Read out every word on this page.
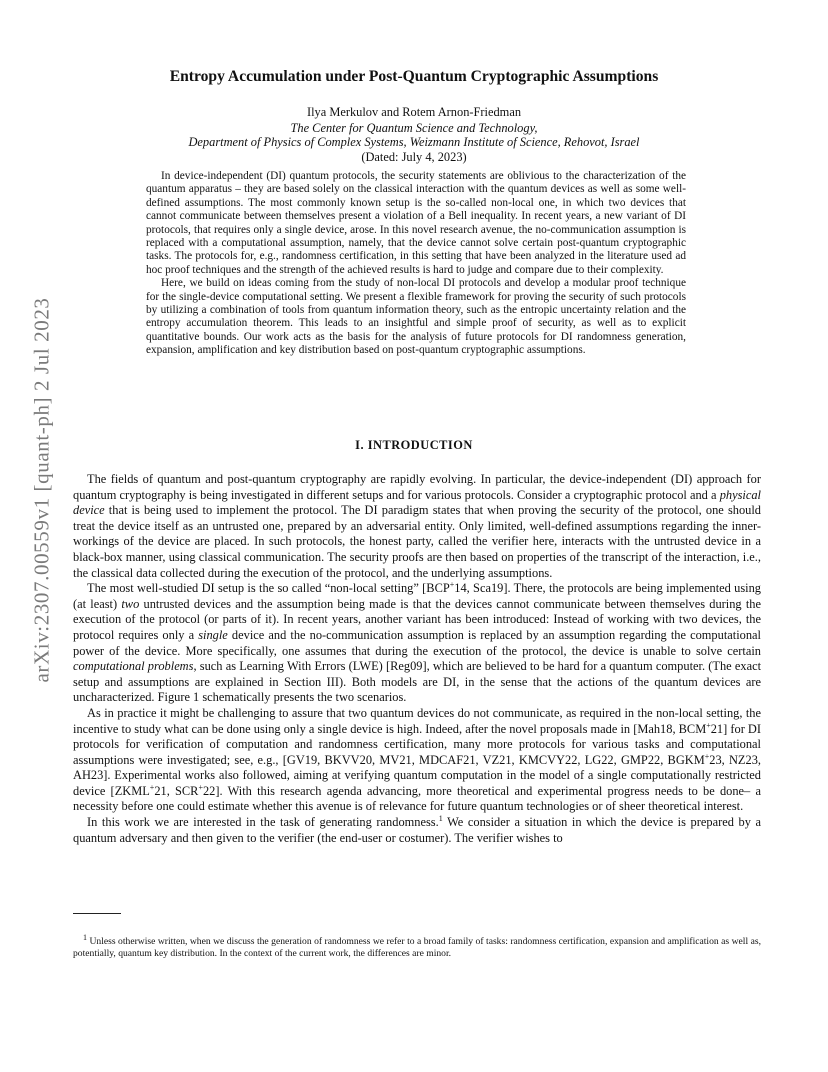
arXiv:2307.00559v1 [quant-ph] 2 Jul 2023
Entropy Accumulation under Post-Quantum Cryptographic Assumptions
Ilya Merkulov and Rotem Arnon-Friedman
The Center for Quantum Science and Technology,
Department of Physics of Complex Systems, Weizmann Institute of Science, Rehovot, Israel
(Dated: July 4, 2023)

In device-independent (DI) quantum protocols, the security statements are oblivious to the characterization of the quantum apparatus – they are based solely on the classical interaction with the quantum devices as well as some well-defined assumptions. The most commonly known setup is the so-called non-local one, in which two devices that cannot communicate between themselves present a violation of a Bell inequality. In recent years, a new variant of DI protocols, that requires only a single device, arose. In this novel research avenue, the no-communication assumption is replaced with a computational assumption, namely, that the device cannot solve certain post-quantum cryptographic tasks. The protocols for, e.g., randomness certification, in this setting that have been analyzed in the literature used ad hoc proof techniques and the strength of the achieved results is hard to judge and compare due to their complexity.

Here, we build on ideas coming from the study of non-local DI protocols and develop a modular proof technique for the single-device computational setting. We present a flexible framework for proving the security of such protocols by utilizing a combination of tools from quantum information theory, such as the entropic uncertainty relation and the entropy accumulation theorem. This leads to an insightful and simple proof of security, as well as to explicit quantitative bounds. Our work acts as the basis for the analysis of future protocols for DI randomness generation, expansion, amplification and key distribution based on post-quantum cryptographic assumptions.

I. INTRODUCTION

The fields of quantum and post-quantum cryptography are rapidly evolving. In particular, the device-independent (DI) approach for quantum cryptography is being investigated in different setups and for various protocols. Consider a cryptographic protocol and a physical device that is being used to implement the protocol. The DI paradigm states that when proving the security of the protocol, one should treat the device itself as an untrusted one, prepared by an adversarial entity. Only limited, well-defined assumptions regarding the inner-workings of the device are placed. In such protocols, the honest party, called the verifier here, interacts with the untrusted device in a black-box manner, using classical communication. The security proofs are then based on properties of the transcript of the interaction, i.e., the classical data collected during the execution of the protocol, and the underlying assumptions.

The most well-studied DI setup is the so called “non-local setting” [BCP+14, Sca19]. There, the protocols are being implemented using (at least) two untrusted devices and the assumption being made is that the devices cannot communicate between themselves during the execution of the protocol (or parts of it). In recent years, another variant has been introduced: Instead of working with two devices, the protocol requires only a single device and the no-communication assumption is replaced by an assumption regarding the computational power of the device. More specifically, one assumes that during the execution of the protocol, the device is unable to solve certain computational problems, such as Learning With Errors (LWE) [Reg09], which are believed to be hard for a quantum computer. (The exact setup and assumptions are explained in Section III). Both models are DI, in the sense that the actions of the quantum devices are uncharacterized. Figure 1 schematically presents the two scenarios.

As in practice it might be challenging to assure that two quantum devices do not communicate, as required in the non-local setting, the incentive to study what can be done using only a single device is high. Indeed, after the novel proposals made in [Mah18, BCM+21] for DI protocols for verification of computation and randomness certification, many more protocols for various tasks and computational assumptions were investigated; see, e.g., [GV19, BKVV20, MV21, MDCAF21, VZ21, KMCVY22, LG22, GMP22, BGKM+23, NZ23, AH23]. Experimental works also followed, aiming at verifying quantum computation in the model of a single computationally restricted device [ZKML+21, SCR+22]. With this research agenda advancing, more theoretical and experimental progress needs to be done– a necessity before one could estimate whether this avenue is of relevance for future quantum technologies or of sheer theoretical interest.

In this work we are interested in the task of generating randomness.$^1$ We consider a situation in which the device is prepared by a quantum adversary and then given to the verifier (the end-user or costumer). The verifier wishes to

$^1$ Unless otherwise written, when we discuss the generation of randomness we refer to a broad family of tasks: randomness certification, expansion and amplification as well as, potentially, quantum key distribution. In the context of the current work, the differences are minor.
